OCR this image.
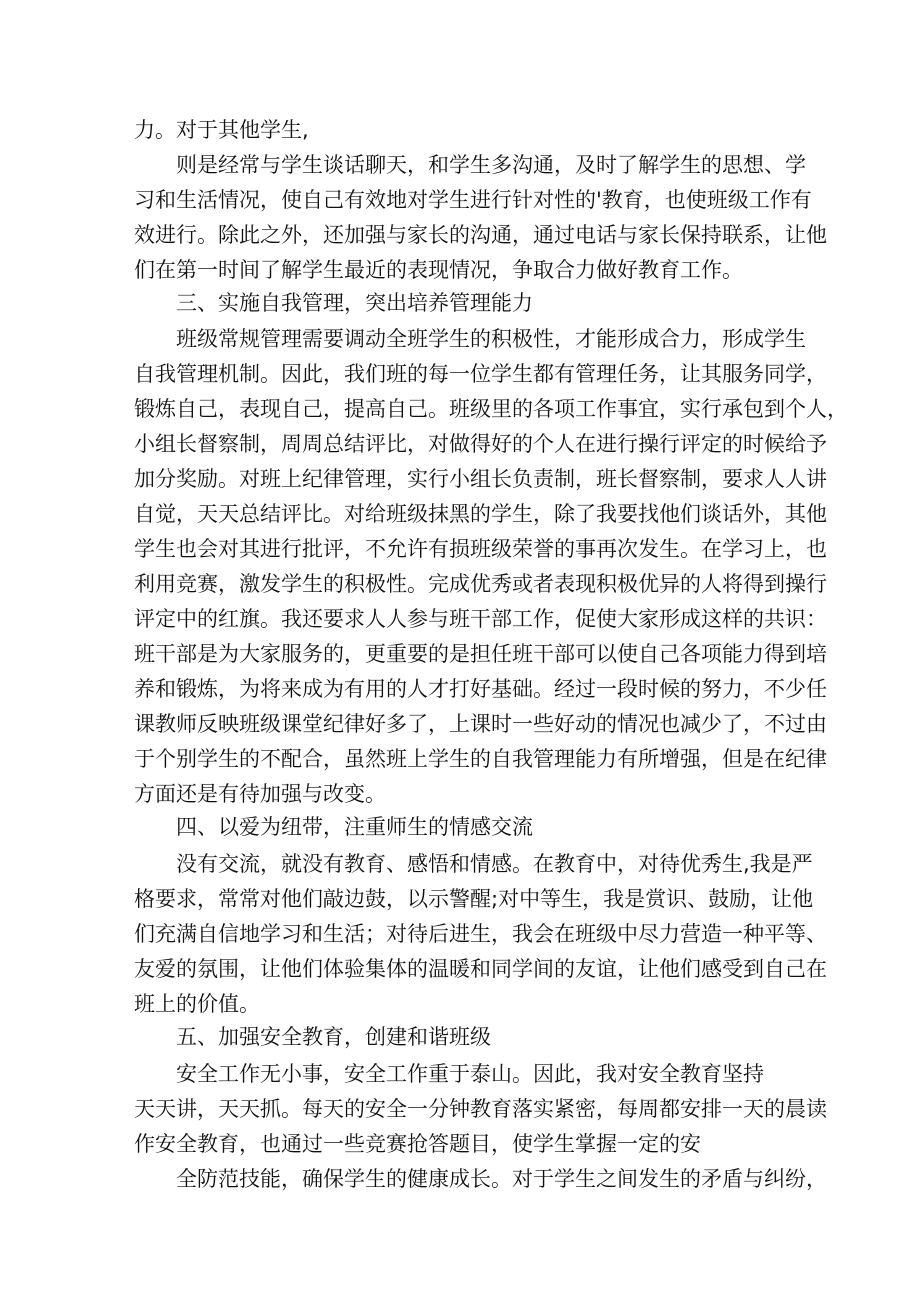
力。对于其他学生,
则是经常与学生谈话聊天，和学生多沟通，及时了解学生的思想、学
习和生活情况，使自己有效地对学生进行针对性的'教育，也使班级工作有
效进行。除此之外，还加强与家长的沟通，通过电话与家长保持联系，让他
们在第一时间了解学生最近的表现情况，争取合力做好教育工作。
三、实施自我管理，突出培养管理能力
班级常规管理需要调动全班学生的积极性，才能形成合力，形成学生
自我管理机制。因此，我们班的每一位学生都有管理任务，让其服务同学，
锻炼自己，表现自己，提高自己。班级里的各项工作事宜，实行承包到个人，
小组长督察制，周周总结评比，对做得好的个人在进行操行评定的时候给予
加分奖励。对班上纪律管理，实行小组长负责制，班长督察制，要求人人讲
自觉，天天总结评比。对给班级抹黑的学生，除了我要找他们谈话外，其他
学生也会对其进行批评，不允许有损班级荣誉的事再次发生。在学习上，也
利用竞赛，激发学生的积极性。完成优秀或者表现积极优异的人将得到操行
评定中的红旗。我还要求人人参与班干部工作，促使大家形成这样的共识：
班干部是为大家服务的，更重要的是担任班干部可以使自己各项能力得到培
养和锻炼，为将来成为有用的人才打好基础。经过一段时候的努力，不少任
课教师反映班级课堂纪律好多了，上课时一些好动的情况也减少了，不过由
于个别学生的不配合，虽然班上学生的自我管理能力有所增强，但是在纪律
方面还是有待加强与改变。
四、以爱为纽带，注重师生的情感交流
没有交流，就没有教育、感悟和情感。在教育中，对待优秀生,我是严
格要求，常常对他们敲边鼓，以示警醒;对中等生，我是赏识、鼓励，让他
们充满自信地学习和生活；对待后进生，我会在班级中尽力营造一种平等、
友爱的氛围，让他们体验集体的温暖和同学间的友谊，让他们感受到自己在
班上的价值。
五、加强安全教育，创建和谐班级
安全工作无小事，安全工作重于泰山。因此，我对安全教育坚持
天天讲，天天抓。每天的安全一分钟教育落实紧密，每周都安排一天的晨读
作安全教育，也通过一些竞赛抢答题目，使学生掌握一定的安
全防范技能，确保学生的健康成长。对于学生之间发生的矛盾与纠纷，
